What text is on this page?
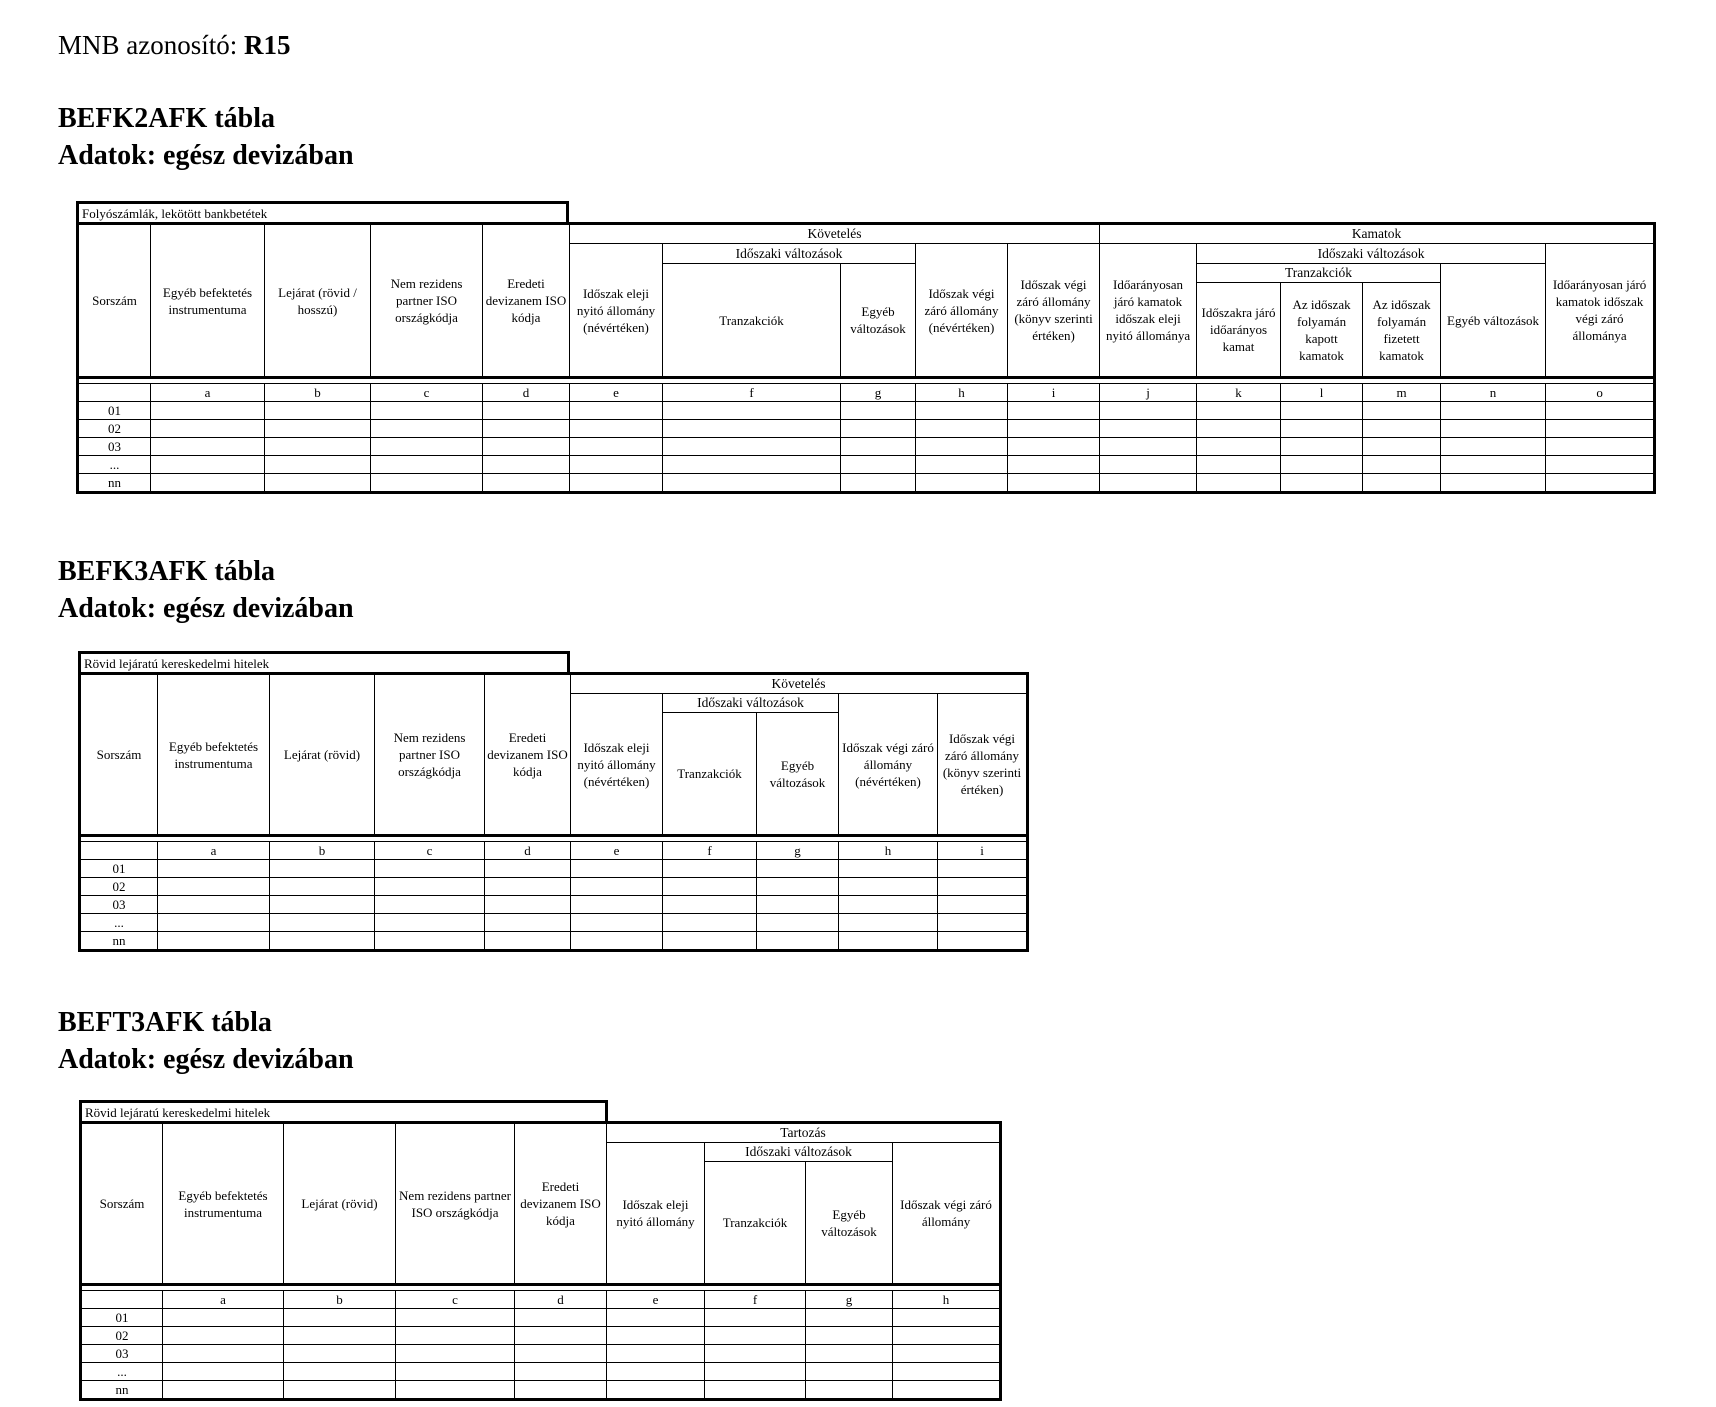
MNB azonosító: R15
BEFK2AFK tábla
Adatok: egész devizában
Folyószámlák, lekötött bankbetétek
Sorszám	Egyéb befektetés instrumentuma	Lejárat (rövid / hosszú)	Nem rezidens partner ISO országkódja	Eredeti devizanem ISO kódja	Követelés					Kamatok					
					Időszak eleji nyitó állomány (névértéken)	Időszaki változások		Időszak végi záró állomány (névértéken)	Időszak végi záró állomány (könyv szerinti értéken)	Időarányosan járó kamatok időszak eleji nyitó állománya	Időszaki változások				Időarányosan járó kamatok időszak végi záró állománya
						Tranzakciók	Egyéb változások				Tranzakciók			Egyéb változások	
											Időszakra járó időarányos kamat	Az időszak folyamán kapott kamatok	Az időszak folyamán fizetett kamatok		

	a	b	c	d	e	f	g	h	i	j	k	l	m	n	o
01															
02															
03															
...															
nn															
BEFK3AFK tábla
Adatok: egész devizában
Rövid lejáratú kereskedelmi hitelek
Sorszám	Egyéb befektetés instrumentuma	Lejárat (rövid)	Nem rezidens partner ISO országkódja	Eredeti devizanem ISO kódja	Követelés				
					Időszak eleji nyitó állomány (névértéken)	Időszaki változások		Időszak végi záró állomány (névértéken)	Időszak végi záró állomány (könyv szerinti értéken)
						Tranzakciók	Egyéb változások		

	a	b	c	d	e	f	g	h	i
01									
02									
03									
...									
nn									
BEFT3AFK tábla
Adatok: egész devizában
Rövid lejáratú kereskedelmi hitelek
Sorszám	Egyéb befektetés instrumentuma	Lejárat (rövid)	Nem rezidens partner ISO országkódja	Eredeti devizanem ISO kódja	Tartozás			
					Időszak eleji nyitó állomány	Időszaki változások		Időszak végi záró állomány
						Tranzakciók	Egyéb változások	

	a	b	c	d	e	f	g	h
01								
02								
03								
...								
nn								
